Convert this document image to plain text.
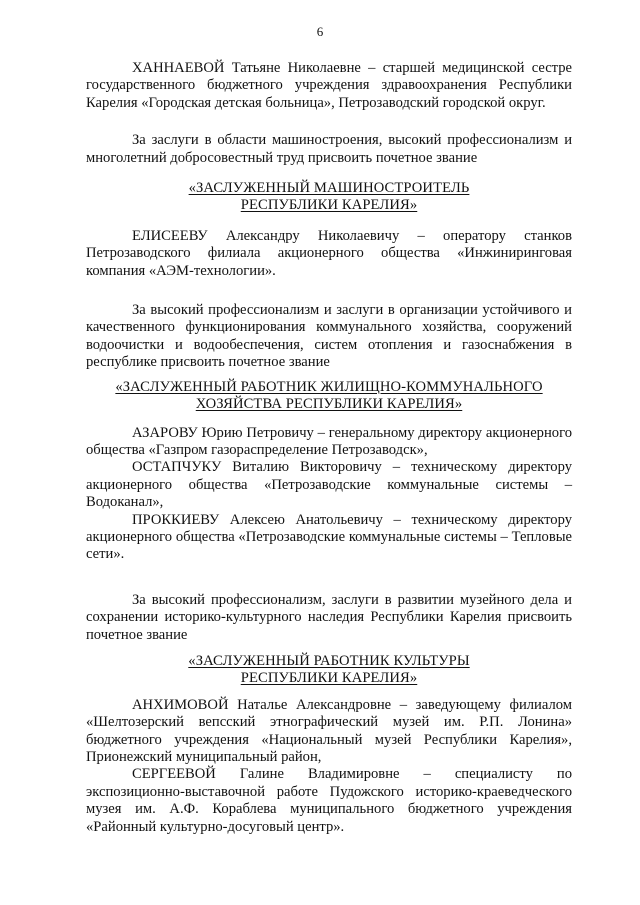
6

ХАННАЕВОЙ Татьяне Николаевне – старшей медицинской сестре государственного бюджетного учреждения здравоохранения Республики Карелия «Городская детская больница», Петрозаводский городской округ.

За заслуги в области машиностроения, высокий профессионализм и многолетний добросовестный труд присвоить почетное звание

«ЗАСЛУЖЕННЫЙ МАШИНОСТРОИТЕЛЬ

РЕСПУБЛИКИ КАРЕЛИЯ»

ЕЛИСЕЕВУ Александру Николаевичу – оператору станков Петрозаводского филиала акционерного общества «Инжиниринговая компания «АЭМ-технологии».

За высокий профессионализм и заслуги в организации устойчивого и качественного функционирования коммунального хозяйства, сооружений водоочистки и водообеспечения, систем отопления и газоснабжения в республике присвоить почетное звание

«ЗАСЛУЖЕННЫЙ РАБОТНИК ЖИЛИЩНО-КОММУНАЛЬНОГО

ХОЗЯЙСТВА РЕСПУБЛИКИ КАРЕЛИЯ»

АЗАРОВУ Юрию Петровичу – генеральному директору акционерного общества «Газпром газораспределение Петрозаводск»,

ОСТАПЧУКУ Виталию Викторовичу – техническому директору акционерного общества «Петрозаводские коммунальные системы – Водоканал»,

ПРОККИЕВУ Алексею Анатольевичу – техническому директору акционерного общества «Петрозаводские коммунальные системы – Тепловые сети».

За высокий профессионализм, заслуги в развитии музейного дела и сохранении историко-культурного наследия Республики Карелия присвоить почетное звание

«ЗАСЛУЖЕННЫЙ РАБОТНИК КУЛЬТУРЫ

РЕСПУБЛИКИ КАРЕЛИЯ»

АНХИМОВОЙ Наталье Александровне – заведующему филиалом «Шелтозерский вепсский этнографический музей им. Р.П. Лонина» бюджетного учреждения «Национальный музей Республики Карелия», Прионежский муниципальный район,

СЕРГЕЕВОЙ Галине Владимировне – специалисту по экспозиционно-выставочной работе Пудожского историко-краеведческого музея им. А.Ф. Кораблева муниципального бюджетного учреждения «Районный культурно-досуговый центр».
